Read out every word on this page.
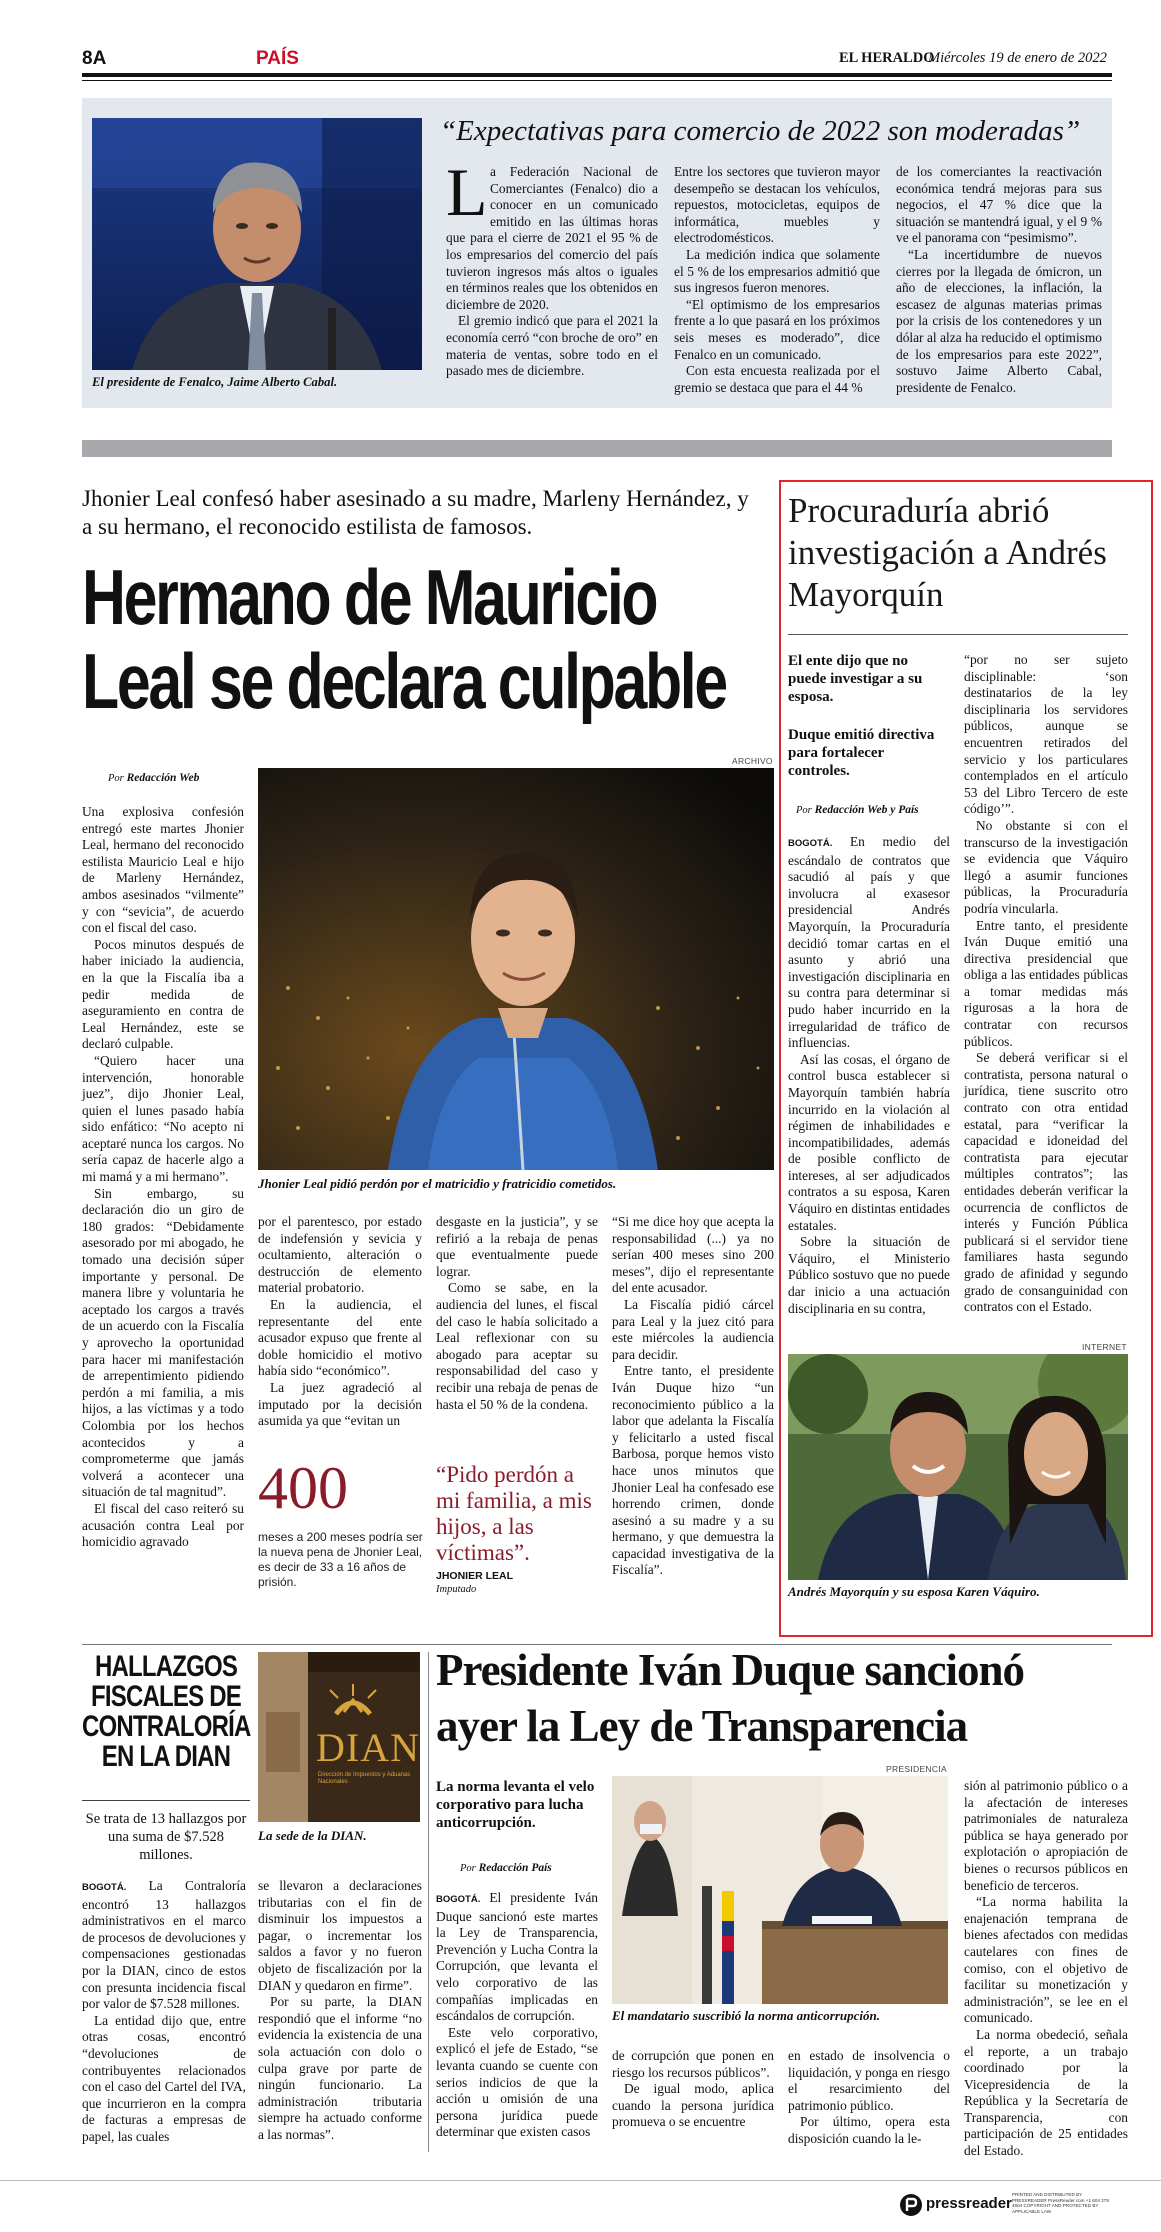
8A	PAÍS	EL HERALDO
Miércoles 19 de enero de 2022
El presidente de Fenalco, Jaime Alberto Cabal.
“Expectativas para comercio de 2022 son moderadas”
L a Federación Nacional de Comerciantes (Fenalco) dio a conocer en un comunicado emitido en las últimas horas que para el cierre de 2021 el 95 % de los empresarios del comercio del país tuvieron ingresos más altos o iguales en términos reales que los obtenidos en diciembre de 2020.

El gremio indicó que para el 2021 la economía cerró “con broche de oro” en materia de ventas, sobre todo en el pasado mes de diciembre.

Entre los sectores que tuvieron mayor desempeño se destacan los vehículos, repuestos, motocicletas, equipos de informática, muebles y electrodomésticos.

La medición indica que solamente el 5 % de los empresarios admitió que sus ingresos fueron menores.

“El optimismo de los empresarios frente a lo que pasará en los próximos seis meses es moderado”, dice Fenalco en un comunicado.

Con esta encuesta realizada por el gremio se destaca que para el 44 %

de los comerciantes la reactivación económica tendrá mejoras para sus negocios, el 47 % dice que la situación se mantendrá igual, y el 9 % ve el panorama con “pesimismo”.

“La incertidumbre de nuevos cierres por la llegada de ómicron, un año de elecciones, la inflación, la escasez de algunas materias primas por la crisis de los contenedores y un dólar al alza ha reducido el optimismo de los empresarios para este 2022”, sostuvo Jaime Alberto Cabal, presidente de Fenalco.

Jhonier Leal confesó haber asesinado a su madre, Marleny Hernández, y a su hermano, el reconocido estilista de famosos.
Hermano de Mauricio
Leal se declara culpable
ARCHIVO
Por Redacción Web
Jhonier Leal pidió perdón por el matricidio y fratricidio cometidos.

Una explosiva confesión entregó este martes Jhonier Leal, hermano del reconocido estilista Mauricio Leal e hijo de Marleny Hernández, ambos asesinados “vilmente” y con “sevicia”, de acuerdo con el fiscal del caso.

Pocos minutos después de haber iniciado la audiencia, en la que la Fiscalía iba a pedir medida de aseguramiento en contra de Leal Hernández, este se declaró culpable.

“Quiero hacer una intervención, honorable juez”, dijo Jhonier Leal, quien el lunes pasado había sido enfático: “No acepto ni aceptaré nunca los cargos. No sería capaz de hacerle algo a mi mamá y a mi hermano”.

Sin embargo, su declaración dio un giro de 180 grados: “Debidamente asesorado por mi abogado, he tomado una decisión súper importante y personal. De manera libre y voluntaria he aceptado los cargos a través de un acuerdo con la Fiscalía y aprovecho la oportunidad para hacer mi manifestación de arrepentimiento pidiendo perdón a mi familia, a mis hijos, a las víctimas y a todo Colombia por los hechos acontecidos y a comprometerme que jamás volverá a acontecer una situación de tal magnitud”.

El fiscal del caso reiteró su acusación contra Leal por homicidio agravado

por el parentesco, por estado de indefensión y sevicia y ocultamiento, alteración o destrucción de elemento material probatorio.

En la audiencia, el representante del ente acusador expuso que frente al doble homicidio el motivo había sido “económico”.

La juez agradeció al imputado por la decisión asumida ya que “evitan un

desgaste en la justicia”, y se refirió a la rebaja de penas que eventualmente puede lograr.

Como se sabe, en la audiencia del lunes, el fiscal del caso le había solicitado a Leal reflexionar con su abogado para aceptar su responsabilidad del caso y recibir una rebaja de penas de hasta el 50 % de la condena.

“Si me dice hoy que acepta la responsabilidad (...) ya no serían 400 meses sino 200 meses”, dijo el representante del ente acusador.

La Fiscalía pidió cárcel para Leal y la juez citó para este miércoles la audiencia para decidir.

Entre tanto, el presidente Iván Duque hizo “un reconocimiento público a la labor que adelanta la Fiscalía y felicitarlo a usted fiscal Barbosa, porque hemos visto hace unos minutos que Jhonier Leal ha confesado ese horrendo crimen, donde asesinó a su madre y a su hermano, y que demuestra la capacidad investigativa de la Fiscalía”.

400
meses a 200 meses podría ser la nueva pena de Jhonier Leal, es decir de 33 a 16 años de prisión.
“Pido perdón a mi familia, a mis hijos, a las víctimas”.
JHONIER LEAL
Imputado
Procuraduría abrió investigación a Andrés Mayorquín
El ente dijo que no puede investigar a su esposa.
Duque emitió directiva para fortalecer controles.
Por Redacción Web y País

BOGOTÁ. En medio del escándalo de contratos que sacudió al país y que involucra al exasesor presidencial Andrés Mayorquín, la Procuraduría decidió tomar cartas en el asunto y abrió una investigación disciplinaria en su contra para determinar si pudo haber incurrido en la irregularidad de tráfico de influencias.

Así las cosas, el órgano de control busca establecer si Mayorquín también habría incurrido en la violación al régimen de inhabilidades e incompatibilidades, además de posible conflicto de intereses, al ser adjudicados contratos a su esposa, Karen Váquiro en distintas entidades estatales.

Sobre la situación de Váquiro, el Ministerio Público sostuvo que no puede dar inicio a una actuación disciplinaria en su contra,

“por no ser sujeto disciplinable: ‘son destinatarios de la ley disciplinaria los servidores públicos, aunque se encuentren retirados del servicio y los particulares contemplados en el artículo 53 del Libro Tercero de este código’”.

No obstante si con el transcurso de la investigación se evidencia que Váquiro llegó a asumir funciones públicas, la Procuraduría podría vincularla.

Entre tanto, el presidente Iván Duque emitió una directiva presidencial que obliga a las entidades públicas a tomar medidas más rigurosas a la hora de contratar con recursos públicos.

Se deberá verificar si el contratista, persona natural o jurídica, tiene suscrito otro contrato con otra entidad estatal, para “verificar la capacidad e idoneidad del contratista para ejecutar múltiples contratos”; las entidades deberán verificar la ocurrencia de conflictos de interés y Función Pública publicará si el servidor tiene familiares hasta segundo grado de afinidad y segundo grado de consanguinidad con contratos con el Estado.

INTERNET
Andrés Mayorquín y su esposa Karen Váquiro.
HALLAZGOS FISCALES DE CONTRALORÍA EN LA DIAN
Se trata de 13 hallazgos por una suma de $7.528 millones.
DIAN
Dirección de Impuestos y Aduanas Nacionales
La sede de la DIAN.

BOGOTÁ. La Contraloría encontró 13 hallazgos administrativos en el marco de procesos de devoluciones y compensaciones gestionadas por la DIAN, cinco de estos con presunta incidencia fiscal por valor de $7.528 millones.

La entidad dijo que, entre otras cosas, encontró “devoluciones de contribuyentes relacionados con el caso del Cartel del IVA, que incurrieron en la compra de facturas a empresas de papel, las cuales

se llevaron a declaraciones tributarias con el fin de disminuir los impuestos a pagar, o incrementar los saldos a favor y no fueron objeto de fiscalización por la DIAN y quedaron en firme”.

Por su parte, la DIAN respondió que el informe “no evidencia la existencia de una sola actuación con dolo o culpa grave por parte de ningún funcionario. La administración tributaria siempre ha actuado conforme a las normas”.

Presidente Iván Duque sancionó
ayer la Ley de Transparencia
PRESIDENCIA
La norma levanta el velo corporativo para lucha anticorrupción.
Por Redacción País
El mandatario suscribió la norma anticorrupción.

BOGOTÁ. El presidente Iván Duque sancionó este martes la Ley de Transparencia, Prevención y Lucha Contra la Corrupción, que levanta el velo corporativo de las compañías implicadas en escándalos de corrupción.

Este velo corporativo, explicó el jefe de Estado, “se levanta cuando se cuente con serios indicios de que la acción u omisión de una persona jurídica puede determinar que existen casos

de corrupción que ponen en riesgo los recursos públicos”.

De igual modo, aplica cuando la persona jurídica promueva o se encuentre

en estado de insolvencia o liquidación, y ponga en riesgo el resarcimiento del patrimonio público.

Por último, opera esta disposición cuando la le-

sión al patrimonio público o a la afectación de intereses patrimoniales de naturaleza pública se haya generado por explotación o apropiación de bienes o recursos públicos en beneficio de terceros.

“La norma habilita la enajenación temprana de bienes afectados con medidas cautelares con fines de comiso, con el objetivo de facilitar su monetización y administración”, se lee en el comunicado.

La norma obedeció, señala el reporte, a un trabajo coordinado por la Vicepresidencia de la República y la Secretaría de Transparencia, con participación de 25 entidades del Estado.

pressreader
PRINTED AND DISTRIBUTED BY PRESSREADER PressReader.com +1 604 278 4604 COPYRIGHT AND PROTECTED BY APPLICABLE LAW
